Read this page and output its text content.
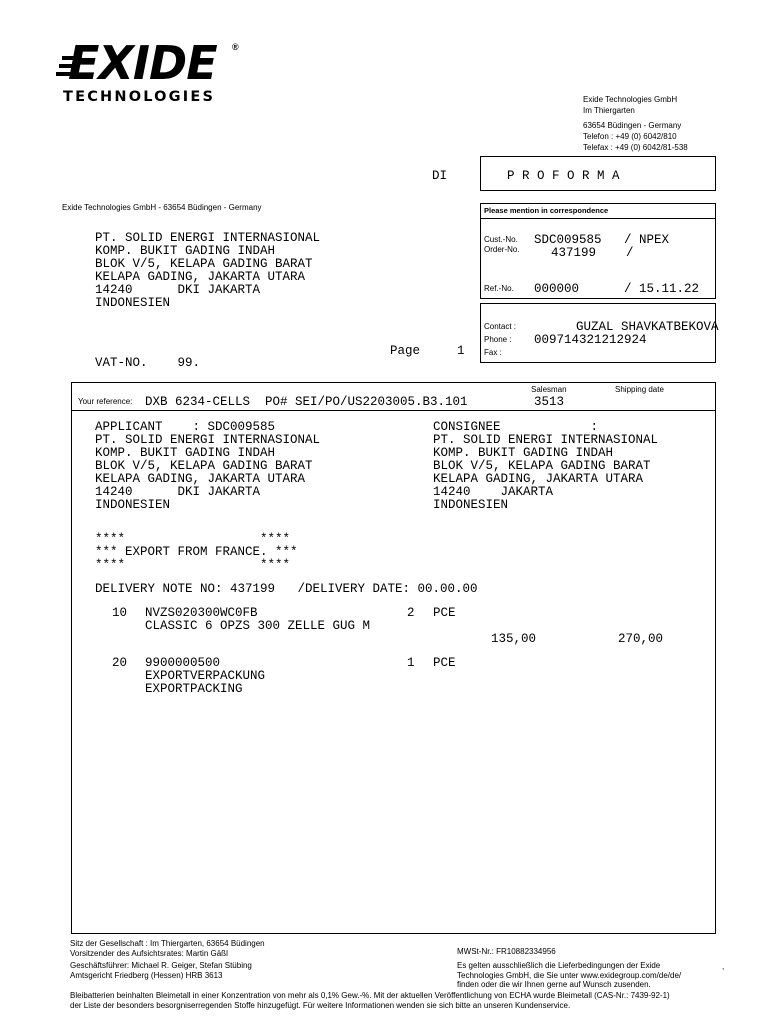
EXIDE ®
TECHNOLOGIES	Exide Technologies GmbH
Im Thiergarten
63654 Büdingen - Germany
Telefon : +49 (0) 6042/810
Telefax : +49 (0) 6042/81-538
DI	P R O F O R M A
Exide Technologies GmbH - 63654 Büdingen - Germany
PT. SOLID ENERGI INTERNASIONAL
KOMP. BUKIT GADING INDAH
BLOK V/5, KELAPA GADING BARAT
KELAPA GADING, JAKARTA UTARA
14240      DKI JAKARTA
INDONESIEN
VAT-NO.    99.
Page	1
Please mention in correspondence
Cust.-No. SDC009585   / NPEX
Order-No.	437199    /
Ref.-No. 000000      / 15.11.22
Contact :	GUZAL SHAVKATBEKOVA
Phone : 009714321212924
Fax :
Your reference: DXB 6234-CELLS  PO# SEI/PO/US2203005.B3.101
Salesman
3513
Shipping date
APPLICANT    : SDC009585
PT. SOLID ENERGI INTERNASIONAL
KOMP. BUKIT GADING INDAH
BLOK V/5, KELAPA GADING BARAT
KELAPA GADING, JAKARTA UTARA
14240      DKI JAKARTA
INDONESIEN
CONSIGNEE            :
PT. SOLID ENERGI INTERNASIONAL
KOMP. BUKIT GADING INDAH
BLOK V/5, KELAPA GADING BARAT
KELAPA GADING, JAKARTA UTARA
14240    JAKARTA
INDONESIEN
****                  ****
*** EXPORT FROM FRANCE. ***
****                  ****
DELIVERY NOTE NO: 437199   /DELIVERY DATE: 00.00.00
10 NVZS020300WC0FB	2 PCE
CLASSIC 6 OPZS 300 ZELLE GUG M
135,00	270,00
20 9900000500	1 PCE
EXPORTVERPACKUNG
EXPORTPACKING
Sitz der Gesellschaft : Im Thiergarten, 63654 Büdingen
Vorsitzender des Aufsichtsrates: Martin Gäßl
Geschäftsführer: Michael R. Geiger, Stefan Stübing
Amtsgericht Friedberg (Hessen) HRB 3613
MWSt-Nr.: FR10882334956
Es gelten ausschließlich die Lieferbedingungen der Exide
Technologies GmbH, die Sie unter www.exidegroup.com/de/de/
finden oder die wir Ihnen gerne auf Wunsch zusenden.
,
Bleibatterien beinhalten Bleimetall in einer Konzentration von mehr als 0,1% Gew.-%. Mit der aktuellen Veröffentlichung von ECHA wurde Bleimetall (CAS-Nr.: 7439-92-1)
der Liste der besonders besorgniserregenden Stoffe hinzugefügt. Für weitere Informationen wenden sie sich bitte an unseren Kundenservice.
